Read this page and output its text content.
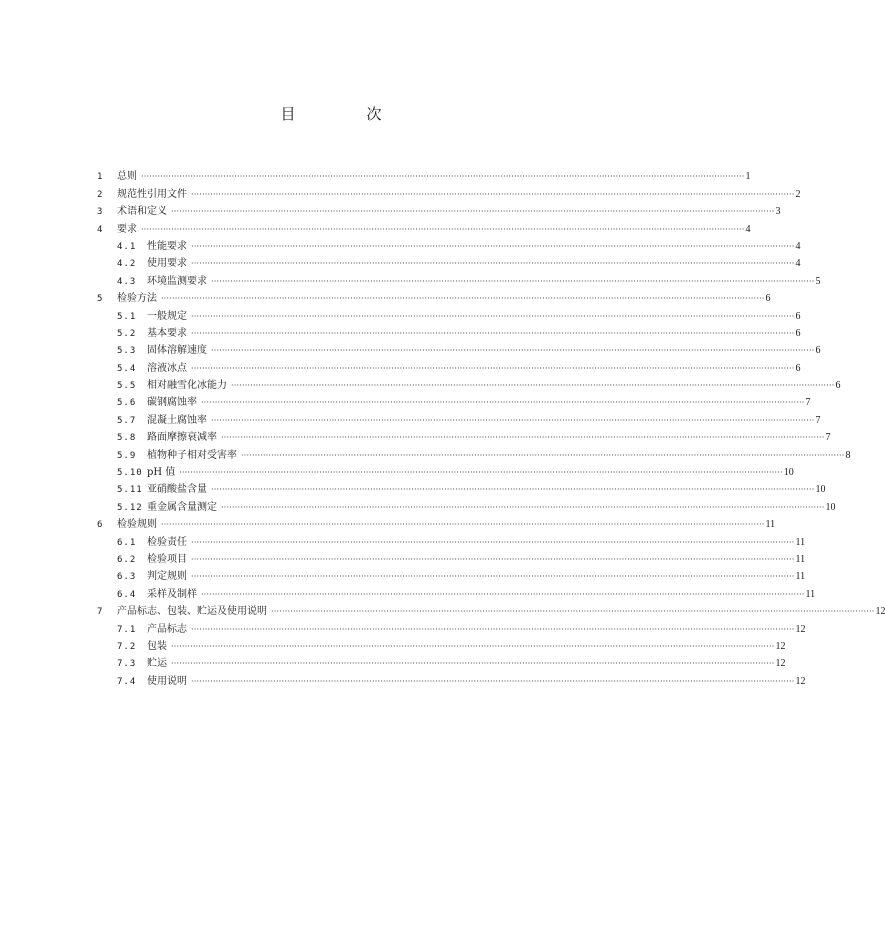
目　次
1	总则 ···························································································································································································································· 1
2	规范性引用文件 ···························································································································································································································· 2
3	术语和定义 ···························································································································································································································· 3
4	要求 ···························································································································································································································· 4
4.1	性能要求 ···························································································································································································································· 4
4.2	使用要求 ···························································································································································································································· 4
4.3	环境监测要求 ···························································································································································································································· 5
5	检验方法 ···························································································································································································································· 6
5.1	一般规定 ···························································································································································································································· 6
5.2	基本要求 ···························································································································································································································· 6
5.3	固体溶解速度 ···························································································································································································································· 6
5.4	溶液冰点 ···························································································································································································································· 6
5.5	相对融雪化冰能力 ···························································································································································································································· 6
5.6	碳钢腐蚀率 ···························································································································································································································· 7
5.7	混凝土腐蚀率 ···························································································································································································································· 7
5.8	路面摩擦衰减率 ···························································································································································································································· 7
5.9	植物种子相对受害率 ···························································································································································································································· 8
5.10 pH 值 ···························································································································································································································· 10
5.11 亚硝酸盐含量 ···························································································································································································································· 10
5.12 重金属含量测定 ···························································································································································································································· 10
6	检验规则 ···························································································································································································································· 11
6.1	检验责任 ···························································································································································································································· 11
6.2	检验项目 ···························································································································································································································· 11
6.3	判定规则 ···························································································································································································································· 11
6.4	采样及制样 ···························································································································································································································· 11
7	产品标志、包装、贮运及使用说明 ···························································································································································································································· 12
7.1	产品标志 ···························································································································································································································· 12
7.2	包装 ···························································································································································································································· 12
7.3	贮运 ···························································································································································································································· 12
7.4	使用说明 ···························································································································································································································· 12
